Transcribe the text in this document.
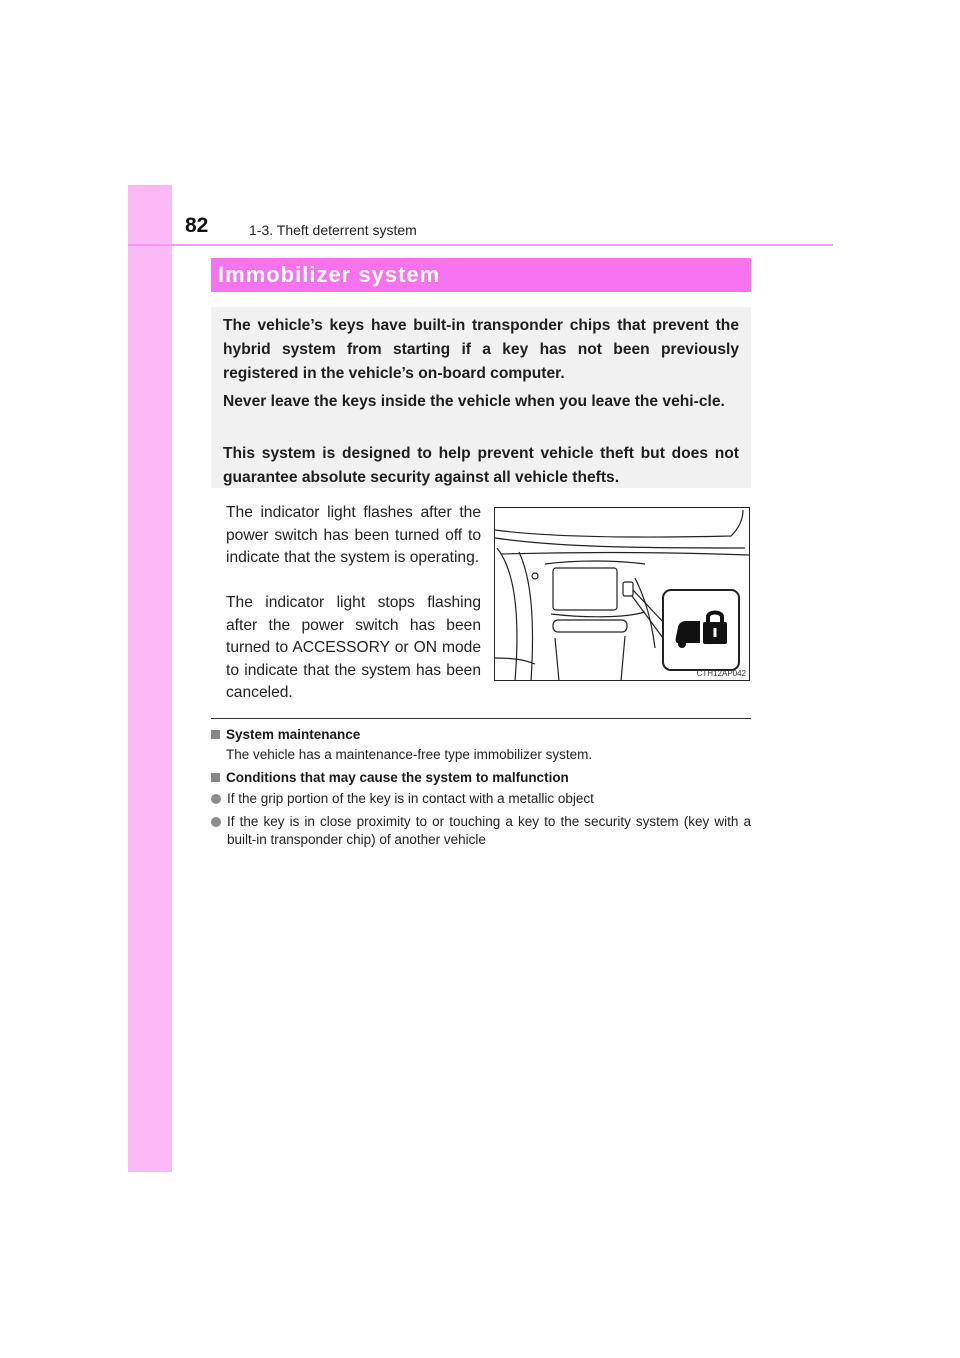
82	1-3. Theft deterrent system
Immobilizer system

The vehicle’s keys have built-in transponder chips that prevent the hybrid system from starting if a key has not been previously registered in the vehicle’s on-board computer.

Never leave the keys inside the vehicle when you leave the vehi-cle.

This system is designed to help prevent vehicle theft but does not guarantee absolute security against all vehicle thefts.

The indicator light flashes after the power switch has been turned off to indicate that the system is operating.

The indicator light stops flashing after the power switch has been turned to ACCESSORY or ON mode to indicate that the system has been canceled.

CTH12AP042
System maintenance
The vehicle has a maintenance-free type immobilizer system.
Conditions that may cause the system to malfunction
If the grip portion of the key is in contact with a metallic object
If the key is in close proximity to or touching a key to the security system (key with a built-in transponder chip) of another vehicle
